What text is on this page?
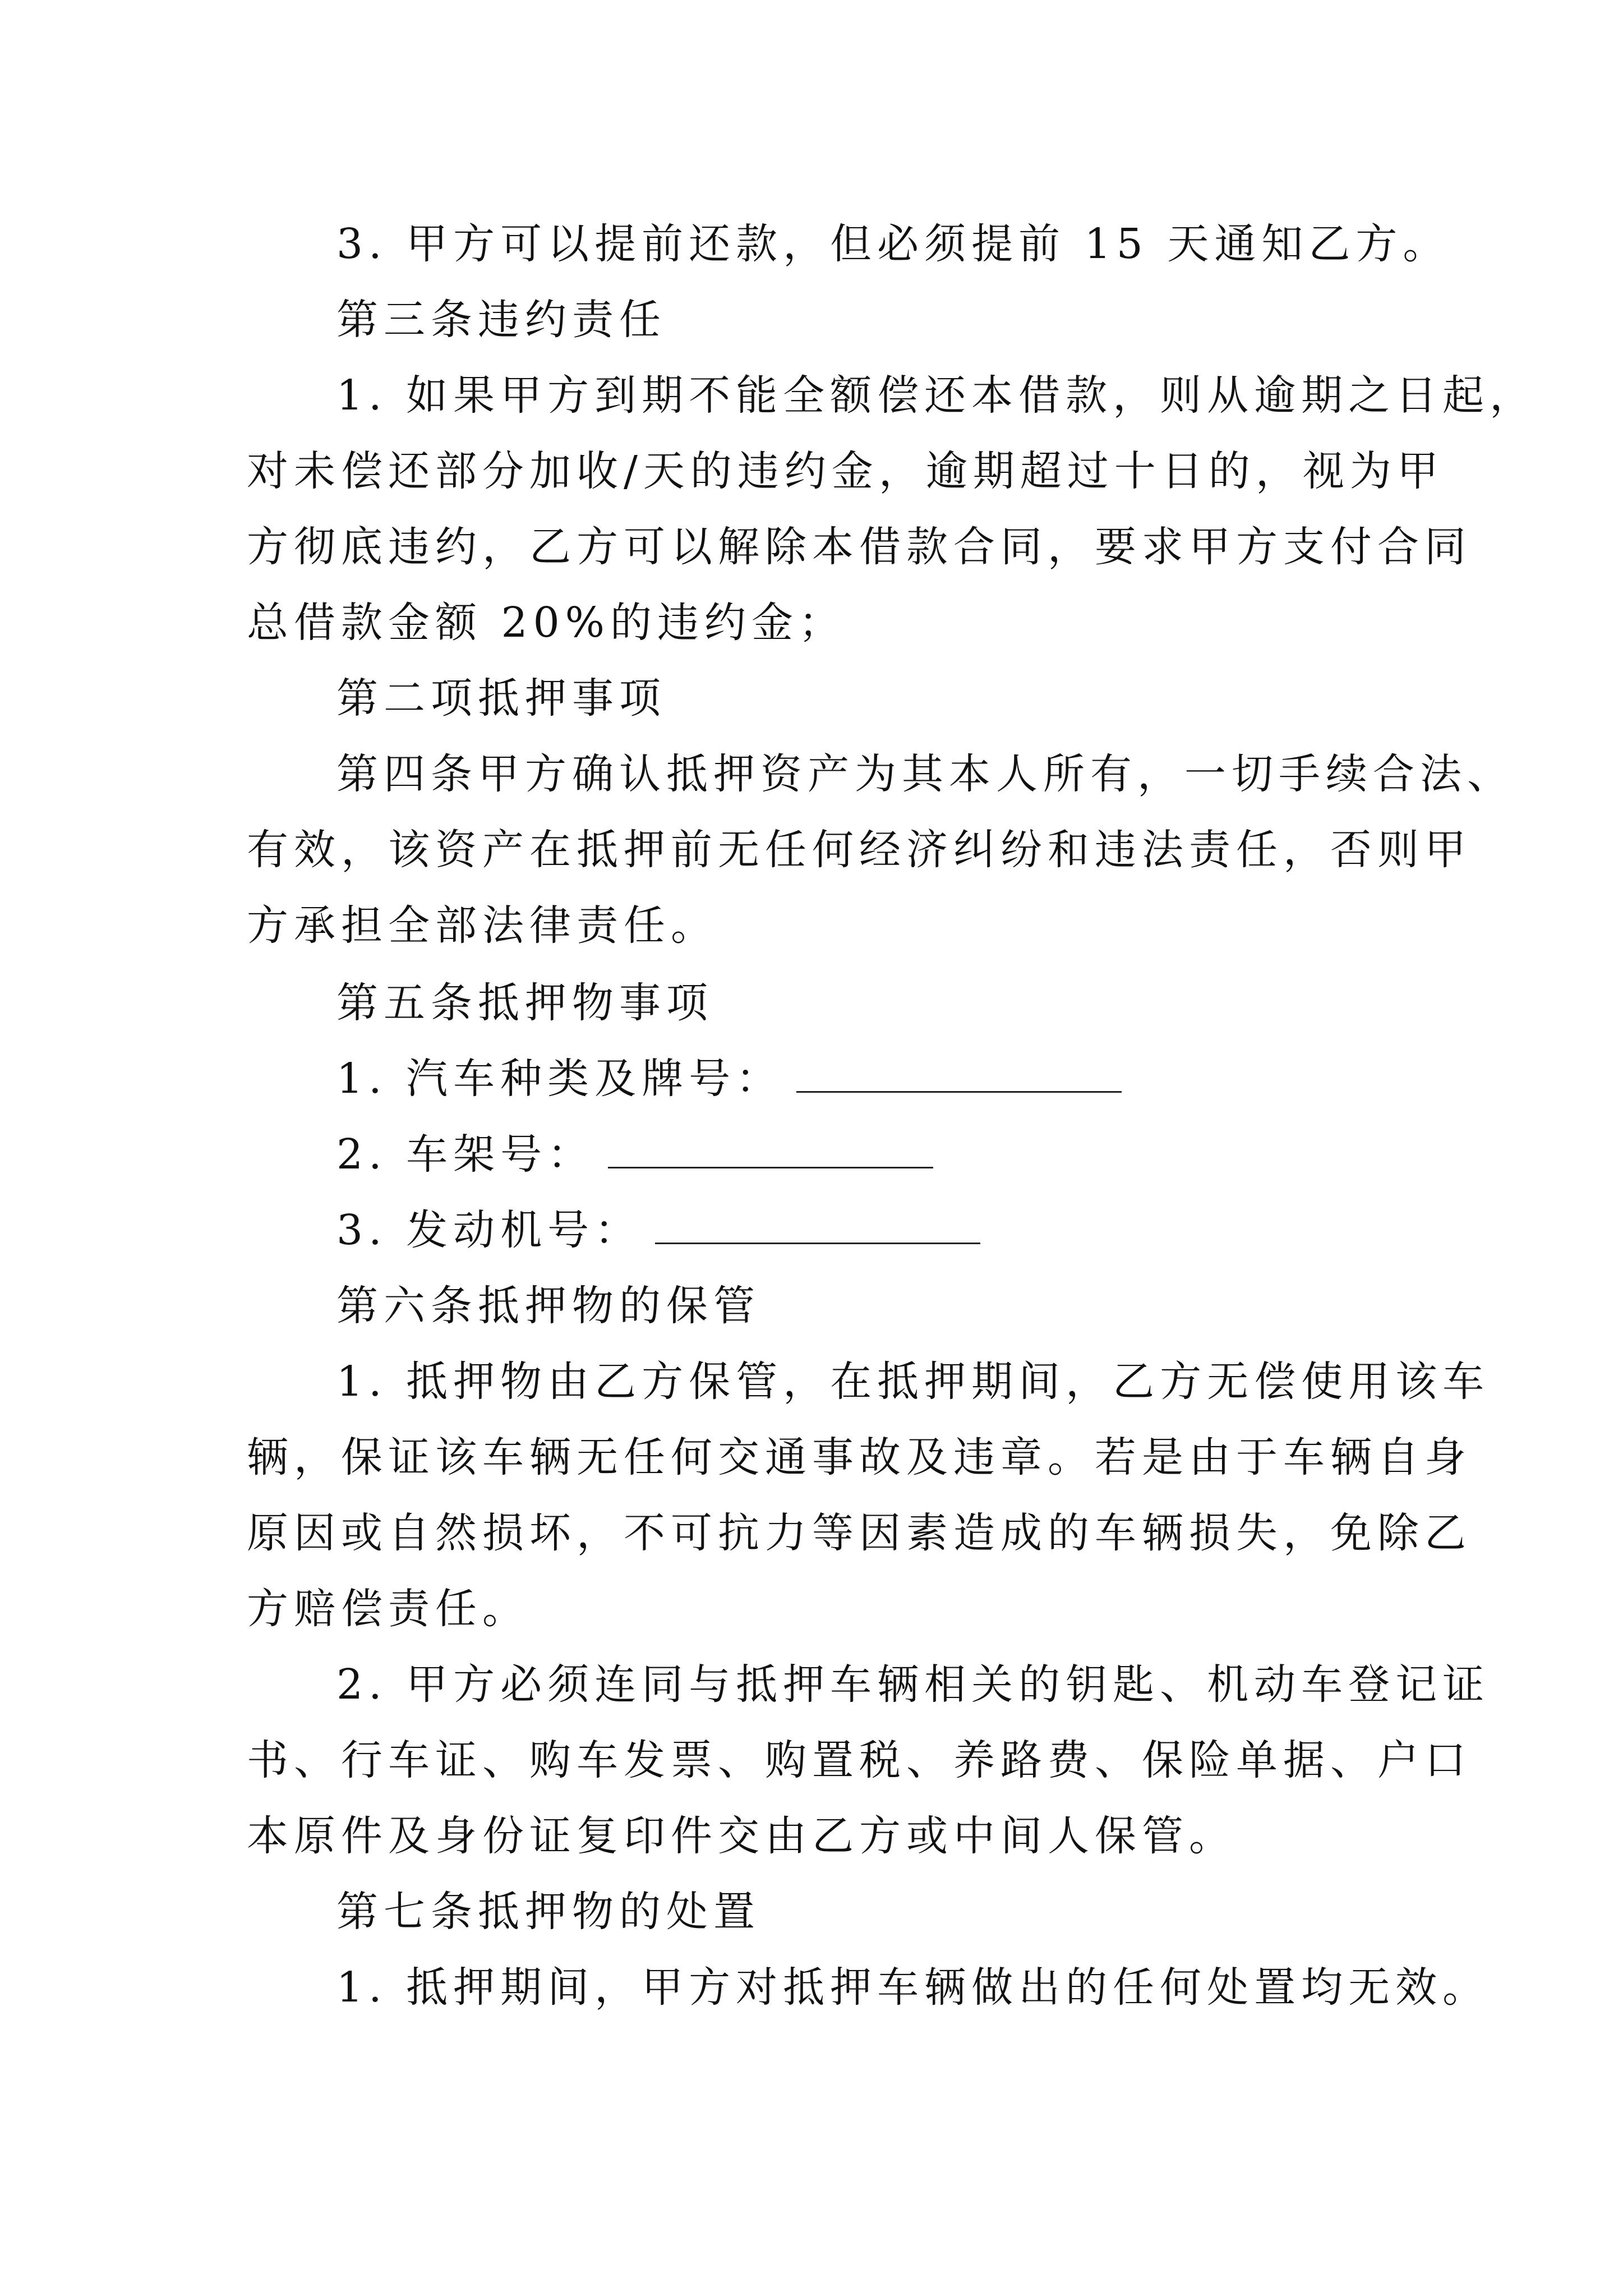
3. 甲方可以提前还款，但必须提前 15 天通知乙方。

第三条违约责任

1. 如果甲方到期不能全额偿还本借款，则从逾期之日起，

对未偿还部分加收/天的违约金，逾期超过十日的，视为甲

方彻底违约，乙方可以解除本借款合同，要求甲方支付合同

总借款金额 20%的违约金；

第二项抵押事项

第四条甲方确认抵押资产为其本人所有，一切手续合法、

有效，该资产在抵押前无任何经济纠纷和违法责任，否则甲

方承担全部法律责任。

第五条抵押物事项

1. 汽车种类及牌号：

2. 车架号：

3. 发动机号：

第六条抵押物的保管

1. 抵押物由乙方保管，在抵押期间，乙方无偿使用该车

辆，保证该车辆无任何交通事故及违章。若是由于车辆自身

原因或自然损坏，不可抗力等因素造成的车辆损失，免除乙

方赔偿责任。

2. 甲方必须连同与抵押车辆相关的钥匙、机动车登记证

书、行车证、购车发票、购置税、养路费、保险单据、户口

本原件及身份证复印件交由乙方或中间人保管。

第七条抵押物的处置

1. 抵押期间，甲方对抵押车辆做出的任何处置均无效。
